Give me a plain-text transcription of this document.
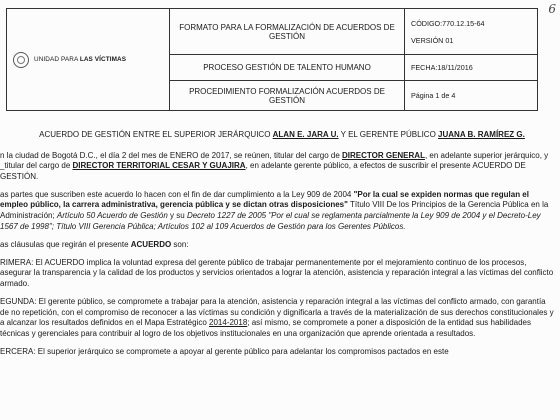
6
UNIDAD PARA LAS VÍCTIMAS	FORMATO PARA LA FORMALIZACIÓN DE ACUERDOS DE GESTIÓN	CÓDIGO:770.12.15-64
VERSIÓN 01

	PROCESO GESTIÓN DE TALENTO HUMANO	FECHA:18/11/2016
	PROCEDIMIENTO FORMALIZACIÓN ACUERDOS DE GESTIÓN	Página 1 de 4

ACUERDO DE GESTIÓN ENTRE EL SUPERIOR JERÁRQUICO ALAN E. JARA U. Y EL GERENTE PÚBLICO JUANA B. RAMÍREZ G.

n la ciudad de Bogotá D.C., el día 2 del mes de ENERO de 2017, se reúnen, titular del cargo de DIRECTOR GENERAL, en adelante superior jerárquico, y _titular del cargo de DIRECTOR TERRITORIAL CESAR Y GUAJIRA, en adelante gerente público, a efectos de suscribir el presente ACUERDO DE GESTIÓN.

as partes que suscriben este acuerdo lo hacen con el fin de dar cumplimiento a la Ley 909 de 2004 "Por la cual se expiden normas que regulan el empleo público, la carrera administrativa, gerencia pública y se dictan otras disposiciones" Título VIII De los Principios de la Gerencia Pública en la Administración; Artículo 50 Acuerdo de Gestión y su Decreto 1227 de 2005 "Por el cual se reglamenta parcialmente la Ley 909 de 2004 y el Decreto-Ley 1567 de 1998"; Título VIII Gerencia Pública; Artículos 102 al 109 Acuerdos de Gestión para los Gerentes Públicos.

as cláusulas que regirán el presente ACUERDO son:

RIMERA: El ACUERDO implica la voluntad expresa del gerente público de trabajar permanentemente por el mejoramiento continuo de los procesos, asegurar la transparencia y la calidad de los productos y servicios orientados a lograr la atención, asistencia y reparación integral a las víctimas del conflicto armado.

EGUNDA: El gerente público, se compromete a trabajar para la atención, asistencia y reparación integral a las víctimas del conflicto armado, con garantía de no repetición, con el compromiso de reconocer a las víctimas su condición y dignificarla a través de la materialización de sus derechos constitucionales y a alcanzar los resultados definidos en el Mapa Estratégico 2014-2018; así mismo, se compromete a poner a disposición de la entidad sus habilidades técnicas y gerenciales para contribuir al logro de los objetivos institucionales en una organización que aprende orientada a resultados.

ERCERA: El superior jerárquico se compromete a apoyar al gerente público para adelantar los compromisos pactados en este
